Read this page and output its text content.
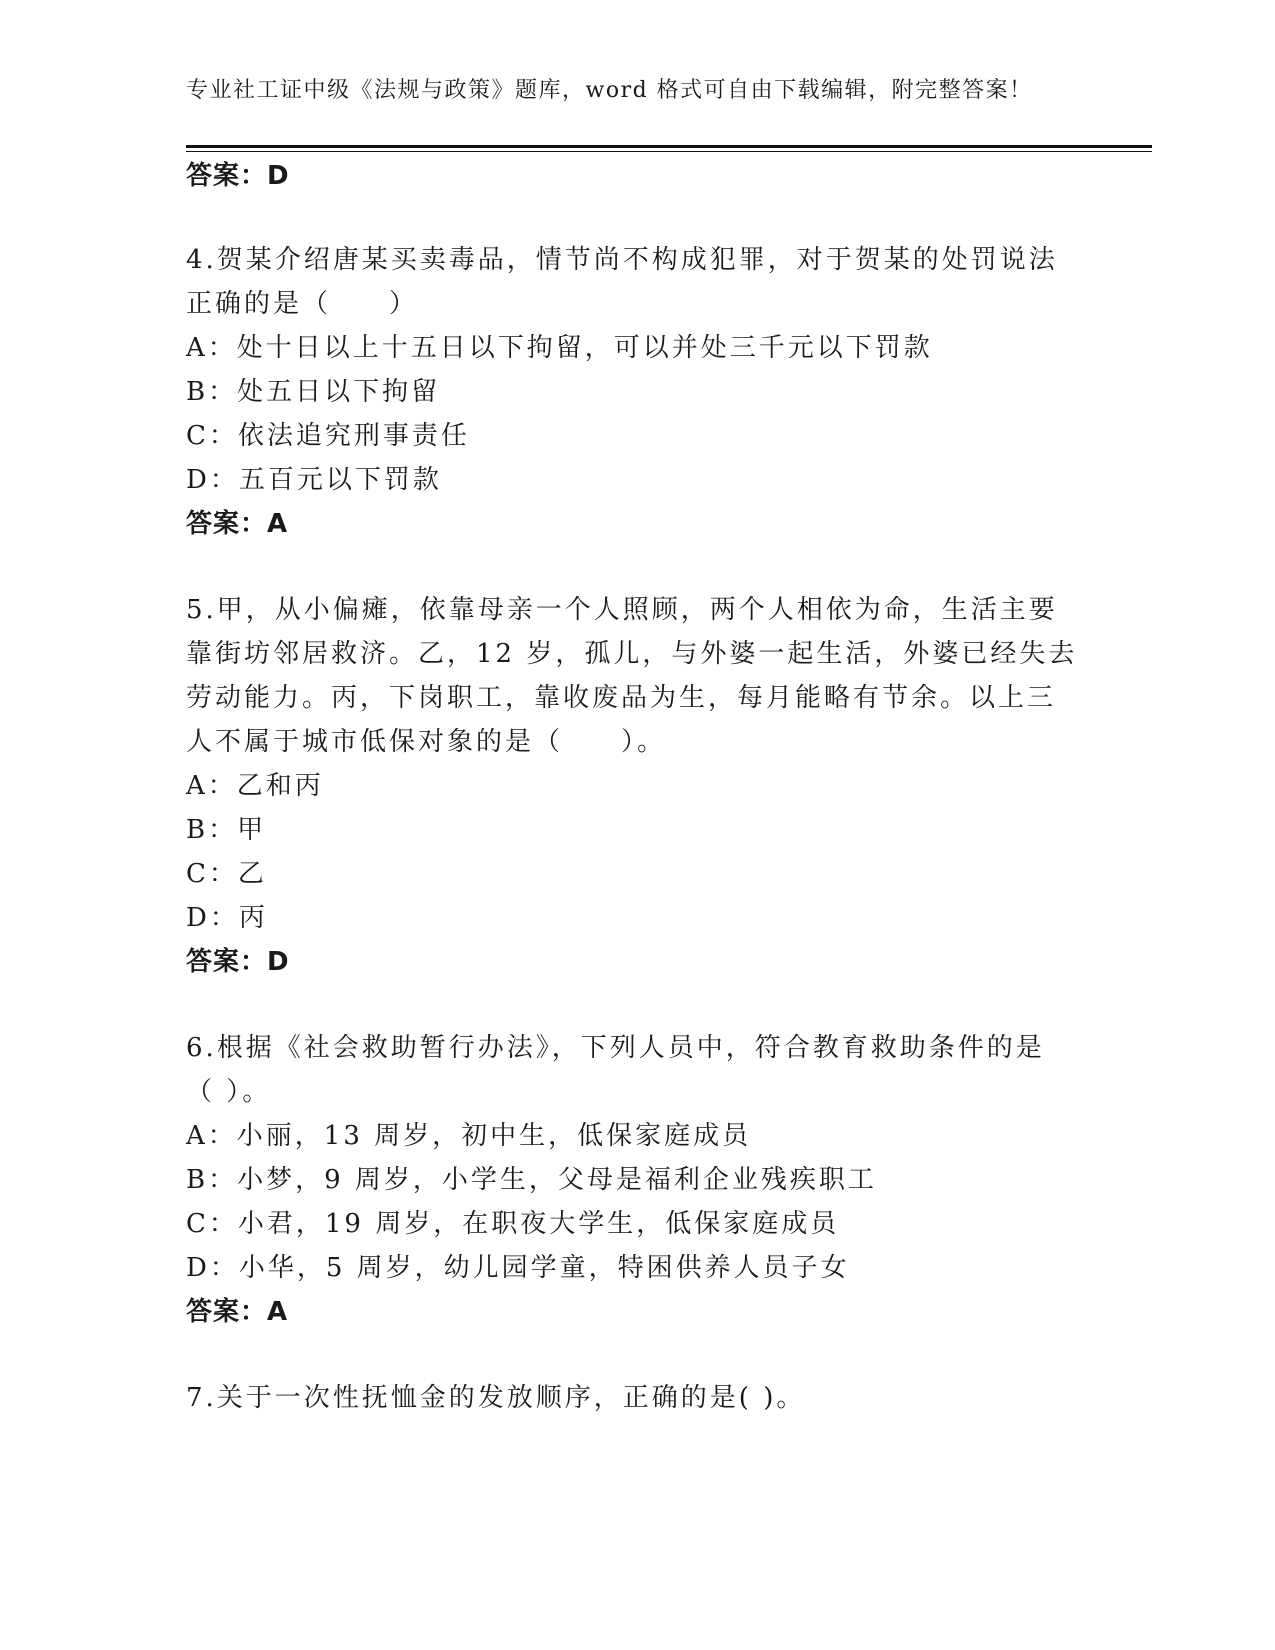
专业社工证中级《法规与政策》题库，word 格式可自由下载编辑，附完整答案！
答案：D
4.贺某介绍唐某买卖毒品，情节尚不构成犯罪，对于贺某的处罚说法
正确的是（　　）
A：处十日以上十五日以下拘留，可以并处三千元以下罚款
B：处五日以下拘留
C：依法追究刑事责任
D：五百元以下罚款
答案：A
5.甲，从小偏瘫，依靠母亲一个人照顾，两个人相依为命，生活主要
靠街坊邻居救济。乙，12 岁，孤儿，与外婆一起生活，外婆已经失去
劳动能力。丙，下岗职工，靠收废品为生，每月能略有节余。以上三
人不属于城市低保对象的是（　　）。
A：乙和丙
B：甲
C：乙
D：丙
答案：D
6.根据《社会救助暂行办法》，下列人员中，符合教育救助条件的是
（ ）。
A：小丽，13 周岁，初中生，低保家庭成员
B：小梦，9 周岁，小学生，父母是福利企业残疾职工
C：小君，19 周岁，在职夜大学生，低保家庭成员
D：小华，5 周岁，幼儿园学童，特困供养人员子女
答案：A
7.关于一次性抚恤金的发放顺序，正确的是( )。
